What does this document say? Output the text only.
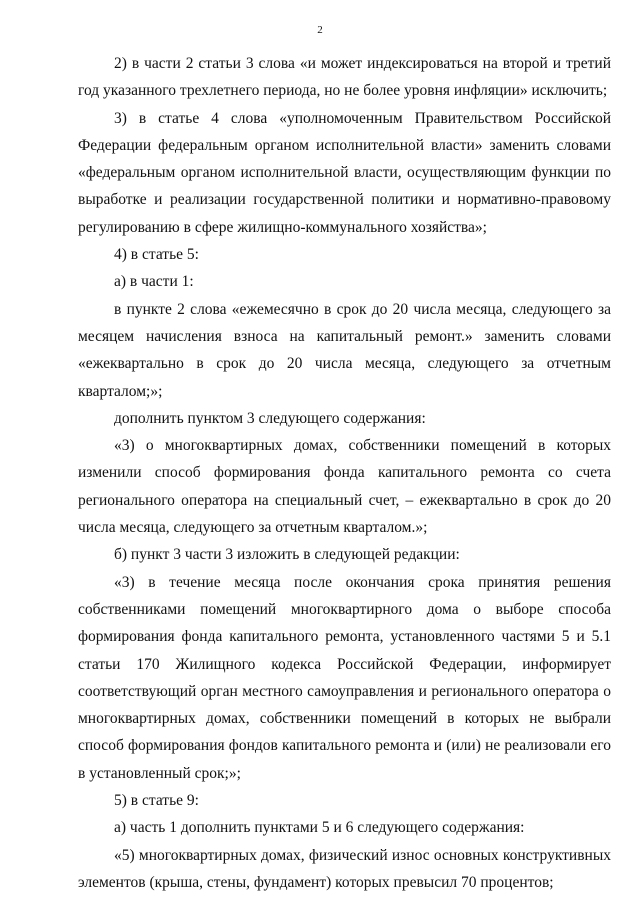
2

2) в части 2 статьи 3 слова «и может индексироваться на второй и третий год указанного трехлетнего периода, но не более уровня инфляции» исключить;

3) в статье 4 слова «уполномоченным Правительством Российской Федерации федеральным органом исполнительной власти» заменить словами «федеральным органом исполнительной власти, осуществляющим функции по выработке и реализации государственной политики и нормативно-правовому регулированию в сфере жилищно-коммунального хозяйства»;

4) в статье 5:

а) в части 1:

в пункте 2 слова «ежемесячно в срок до 20 числа месяца, следующего за месяцем начисления взноса на капитальный ремонт.» заменить словами «ежеквартально в срок до 20 числа месяца, следующего за отчетным кварталом;»;

дополнить пунктом 3 следующего содержания:

«3) о многоквартирных домах, собственники помещений в которых изменили способ формирования фонда капитального ремонта со счета регионального оператора на специальный счет, – ежеквартально в срок до 20 числа месяца, следующего за отчетным кварталом.»;

б) пункт 3 части 3 изложить в следующей редакции:

«3) в течение месяца после окончания срока принятия решения собственниками помещений многоквартирного дома о выборе способа формирования фонда капитального ремонта, установленного частями 5 и 5.1 статьи 170 Жилищного кодекса Российской Федерации, информирует соответствующий орган местного самоуправления и регионального оператора о многоквартирных домах, собственники помещений в которых не выбрали способ формирования фондов капитального ремонта и (или) не реализовали его в установленный срок;»;

5) в статье 9:

а) часть 1 дополнить пунктами 5 и 6 следующего содержания:

«5) многоквартирных домах, физический износ основных конструктивных элементов (крыша, стены, фундамент) которых превысил 70 процентов;
